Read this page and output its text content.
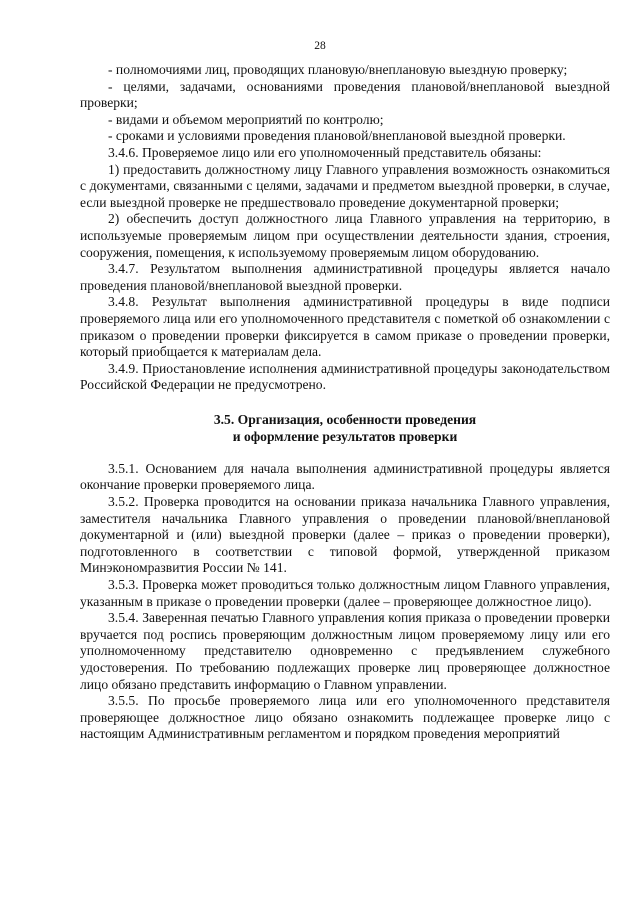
28

- полномочиями лиц, проводящих плановую/внеплановую выездную проверку;

- целями, задачами, основаниями проведения плановой/внеплановой выездной проверки;

- видами и объемом мероприятий по контролю;

- сроками и условиями проведения плановой/внеплановой выездной проверки.

3.4.6. Проверяемое лицо или его уполномоченный представитель обязаны:

1) предоставить должностному лицу Главного управления возможность ознакомиться с документами, связанными с целями, задачами и предметом выездной проверки, в случае, если выездной проверке не предшествовало проведение документарной проверки;

2) обеспечить доступ должностного лица Главного управления на территорию, в используемые проверяемым лицом при осуществлении деятельности здания, строения, сооружения, помещения, к используемому проверяемым лицом оборудованию.

3.4.7. Результатом выполнения административной процедуры является начало проведения плановой/внеплановой выездной проверки.

3.4.8. Результат выполнения административной процедуры в виде подписи проверяемого лица или его уполномоченного представителя с пометкой об ознакомлении с приказом о проведении проверки фиксируется в самом приказе о проведении проверки, который приобщается к материалам дела.

3.4.9. Приостановление исполнения административной процедуры законодательством Российской Федерации не предусмотрено.

3.5. Организация, особенности проведения
и оформление результатов проверки

3.5.1. Основанием для начала выполнения административной процедуры является окончание проверки проверяемого лица.

3.5.2. Проверка проводится на основании приказа начальника Главного управления, заместителя начальника Главного управления о проведении плановой/внеплановой документарной и (или) выездной проверки (далее – приказ о проведении проверки), подготовленного в соответствии с типовой формой, утвержденной приказом Минэкономразвития России № 141.

3.5.3. Проверка может проводиться только должностным лицом Главного управления, указанным в приказе о проведении проверки (далее – проверяющее должностное лицо).

3.5.4. Заверенная печатью Главного управления копия приказа о проведении проверки вручается под роспись проверяющим должностным лицом проверяемому лицу или его уполномоченному представителю одновременно с предъявлением служебного удостоверения. По требованию подлежащих проверке лиц проверяющее должностное лицо обязано представить информацию о Главном управлении.

3.5.5. По просьбе проверяемого лица или его уполномоченного представителя проверяющее должностное лицо обязано ознакомить подлежащее проверке лицо с настоящим Административным регламентом и порядком проведения мероприятий
